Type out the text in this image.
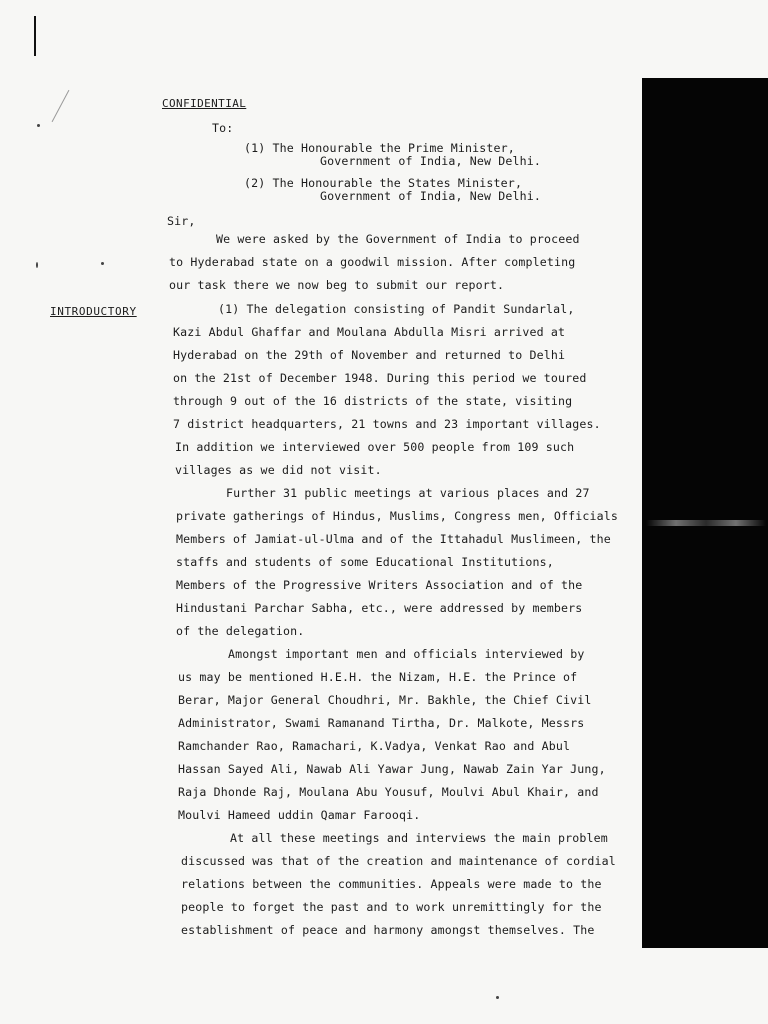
CONFIDENTIAL
To:
(1) The Honourable the Prime Minister,
Government of India, New Delhi.
(2) The Honourable the States Minister,
Government of India, New Delhi.
Sir,
INTRODUCTORY
We were asked by the Government of India to proceed
to Hyderabad state on a goodwil mission. After completing
our task there we now beg to submit our report.
(1) The delegation consisting of Pandit Sundarlal,
Kazi Abdul Ghaffar and Moulana Abdulla Misri arrived at
Hyderabad on the 29th of November and returned to Delhi
on the 21st of December 1948. During this period we toured
through 9 out of the 16 districts of the state, visiting
7 district headquarters, 21 towns and 23 important villages.
In addition we interviewed over 500 people from 109 such
villages as we did not visit.
Further 31 public meetings at various places and 27
private gatherings of Hindus, Muslims, Congress men, Officials
Members of Jamiat-ul-Ulma and of the Ittahadul Muslimeen, the
staffs and students of some Educational Institutions,
Members of the Progressive Writers Association and of the
Hindustani Parchar Sabha, etc., were addressed by members
of the delegation.
Amongst important men and officials interviewed by
us may be mentioned H.E.H. the Nizam, H.E. the Prince of
Berar, Major General Choudhri, Mr. Bakhle, the Chief Civil
Administrator, Swami Ramanand Tirtha, Dr. Malkote, Messrs
Ramchander Rao, Ramachari, K.Vadya, Venkat Rao and Abul
Hassan Sayed Ali, Nawab Ali Yawar Jung, Nawab Zain Yar Jung,
Raja Dhonde Raj, Moulana Abu Yousuf, Moulvi Abul Khair, and
Moulvi Hameed uddin Qamar Farooqi.
At all these meetings and interviews the main problem
discussed was that of the creation and maintenance of cordial
relations between the communities. Appeals were made to the
people to forget the past and to work unremittingly for the
establishment of peace and harmony amongst themselves. The
